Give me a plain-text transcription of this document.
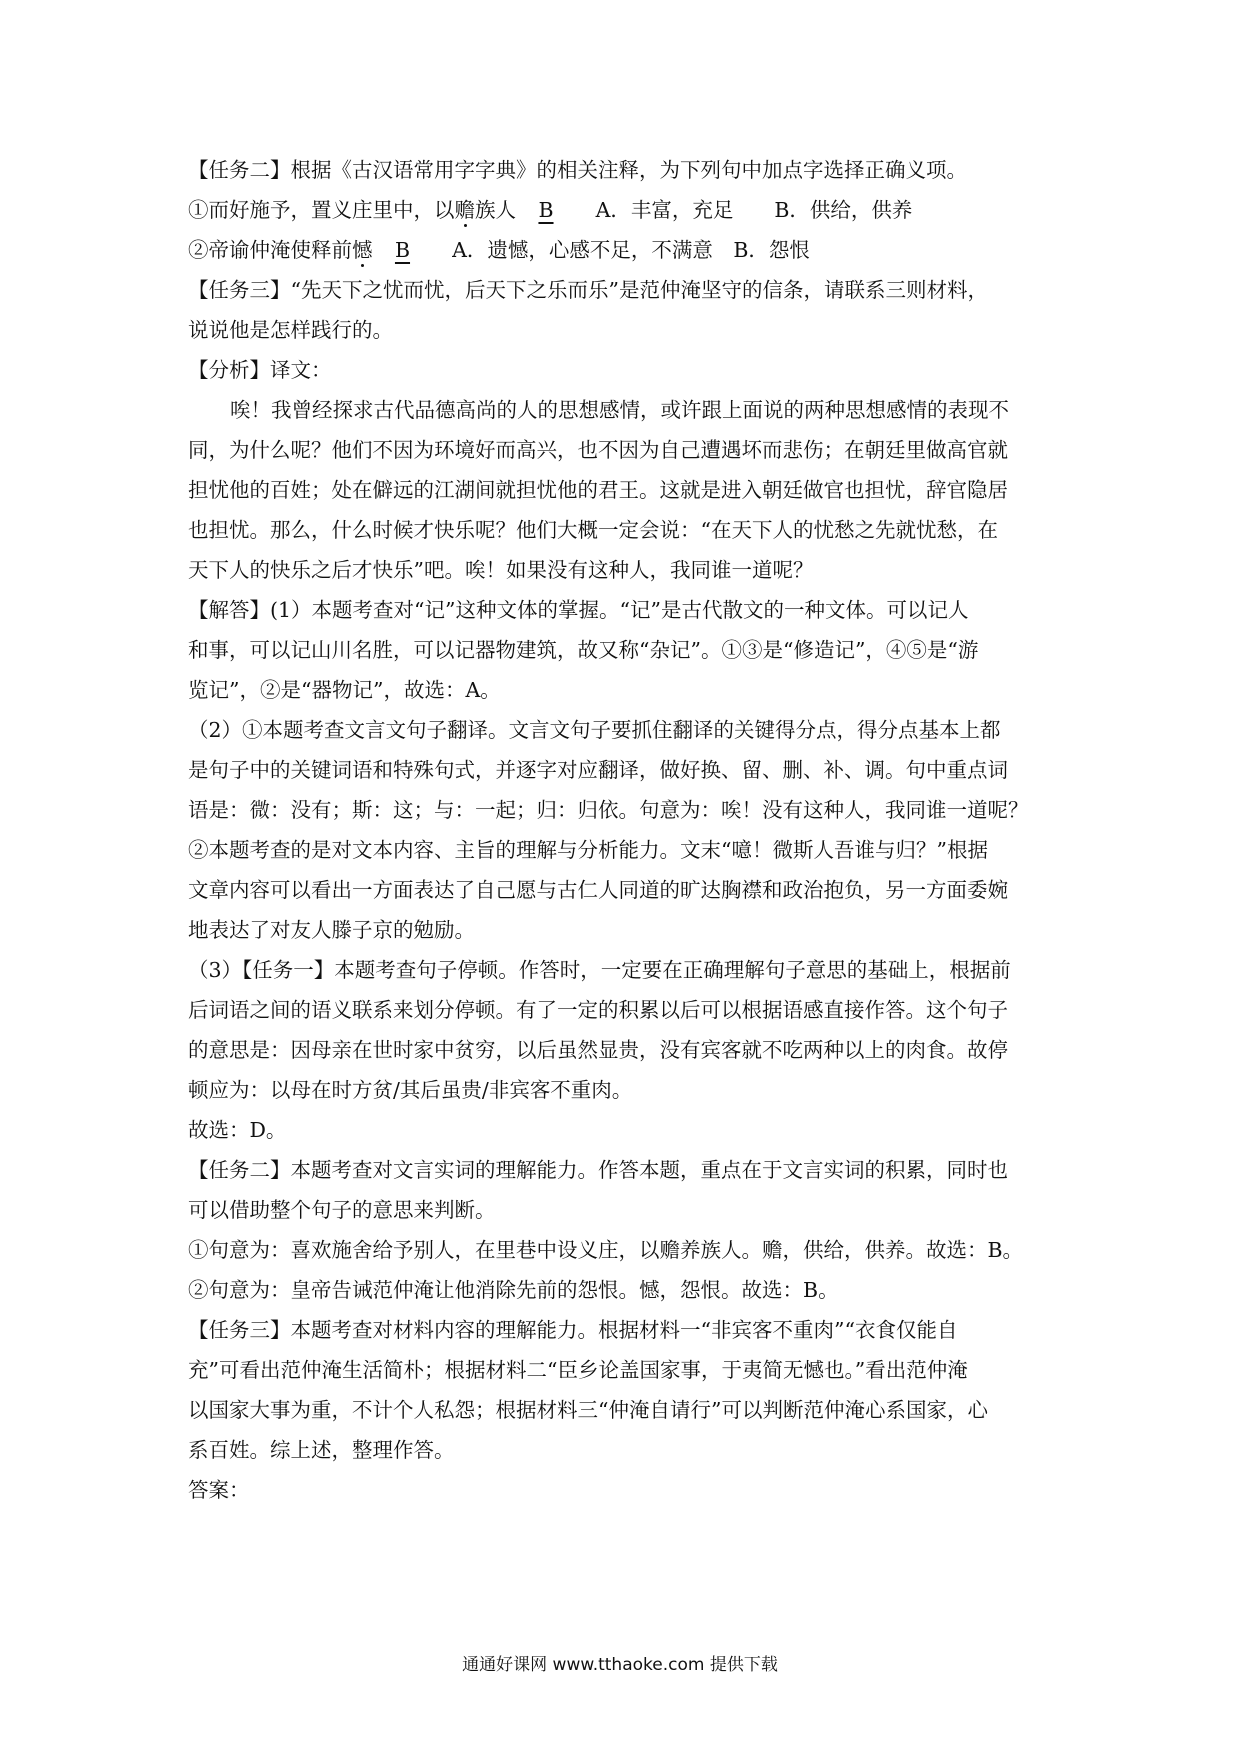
【任务二】根据《古汉语常用字字典》的相关注释，为下列句中加点字选择正确义项。
①而好施予，置义庄里中，以赡族人 B A．丰富，充足　　B．供给，供养
②帝谕仲淹使释前憾 B A．遗憾，心感不足，不满意　B．怨恨
【任务三】“先天下之忧而忧，后天下之乐而乐”是范仲淹坚守的信条，请联系三则材料，
说说他是怎样践行的。
【分析】译文：
唉！我曾经探求古代品德高尚的人的思想感情，或许跟上面说的两种思想感情的表现不
同，为什么呢？他们不因为环境好而高兴，也不因为自己遭遇坏而悲伤；在朝廷里做高官就
担忧他的百姓；处在僻远的江湖间就担忧他的君王。这就是进入朝廷做官也担忧，辞官隐居
也担忧。那么，什么时候才快乐呢？他们大概一定会说：“在天下人的忧愁之先就忧愁，在
天下人的快乐之后才快乐”吧。唉！如果没有这种人，我同谁一道呢？
【解答】(1）本题考查对“记”这种文体的掌握。“记”是古代散文的一种文体。可以记人
和事，可以记山川名胜，可以记器物建筑，故又称“杂记”。①③是“修造记”，④⑤是“游
览记”，②是“器物记”，故选：A。
（2）①本题考查文言文句子翻译。文言文句子要抓住翻译的关键得分点，得分点基本上都
是句子中的关键词语和特殊句式，并逐字对应翻译，做好换、留、删、补、调。句中重点词
语是：微：没有；斯：这；与：一起；归：归依。句意为：唉！没有这种人，我同谁一道呢？
②本题考查的是对文本内容、主旨的理解与分析能力。文末“噫！微斯人吾谁与归？”根据
文章内容可以看出一方面表达了自己愿与古仁人同道的旷达胸襟和政治抱负，另一方面委婉
地表达了对友人滕子京的勉励。
（3）【任务一】本题考查句子停顿。作答时，一定要在正确理解句子意思的基础上，根据前
后词语之间的语义联系来划分停顿。有了一定的积累以后可以根据语感直接作答。这个句子
的意思是：因母亲在世时家中贫穷，以后虽然显贵，没有宾客就不吃两种以上的肉食。故停
顿应为：以母在时方贫/其后虽贵/非宾客不重肉。
故选：D。
【任务二】本题考查对文言实词的理解能力。作答本题，重点在于文言实词的积累，同时也
可以借助整个句子的意思来判断。
①句意为：喜欢施舍给予别人，在里巷中设义庄，以赡养族人。赡，供给，供养。故选：B。
②句意为：皇帝告诫范仲淹让他消除先前的怨恨。憾，怨恨。故选：B。
【任务三】本题考查对材料内容的理解能力。根据材料一“非宾客不重肉”“衣食仅能自
充”可看出范仲淹生活简朴；根据材料二“臣乡论盖国家事，于夷简无憾也。”看出范仲淹
以国家大事为重，不计个人私怨；根据材料三“仲淹自请行”可以判断范仲淹心系国家，心
系百姓。综上述，整理作答。
答案：
通通好课网 www.tthaoke.com 提供下载
